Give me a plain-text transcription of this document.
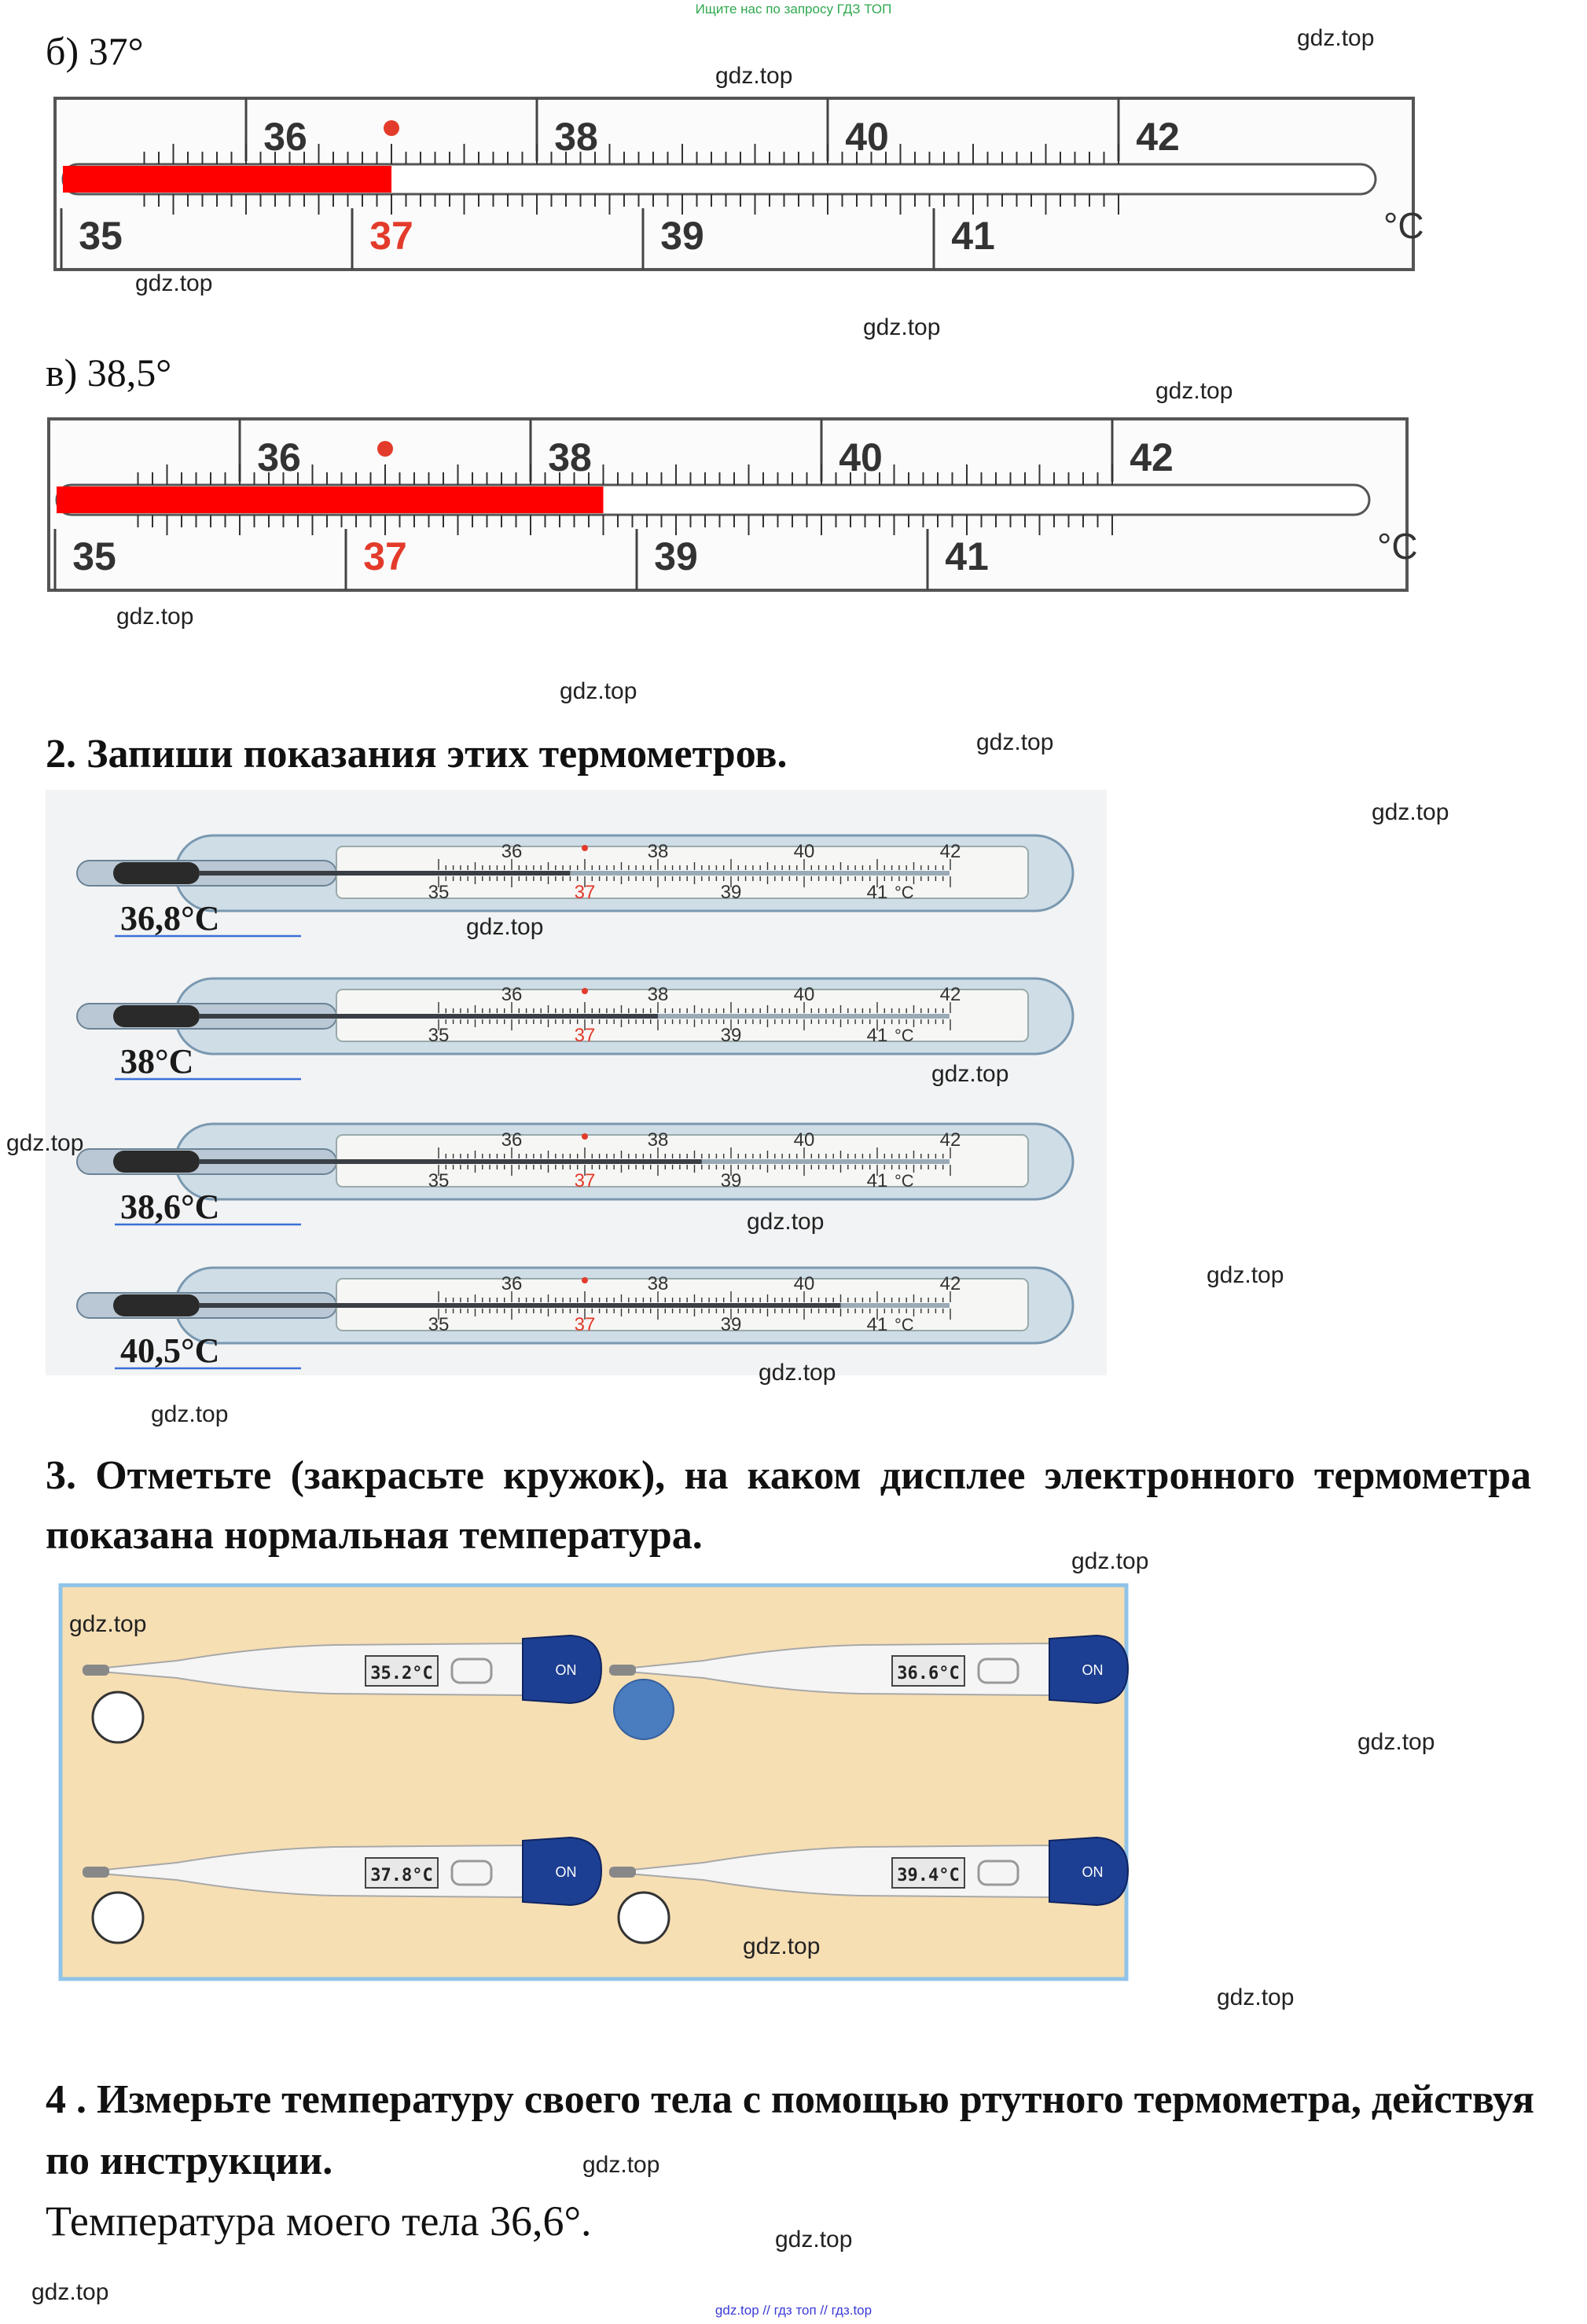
Ищите нас по запросу ГДЗ ТОП
б) 37°
36	38	40	42
35	37	39	41	°C
в) 38,5°
36	38	40	42
35	37	39	41	°C
2. Запиши показания этих термометров.
36	38	40	42
35	37	39	41 °C
36,8°С
36	38	40	42
35	37	39	41 °C
38°С
36	38	40	42
35	37	39	41 °C
38,6°С
36	38	40	42
35	37	39	41 °C
40,5°С
3. Отметьте (закрасьте кружок), на каком дисплее электронного термометра показана нормальная температура.
35.2°C	ON	36.6°C	ON
37.8°C	ON	39.4°C	ON
4 . Измерьте температуру своего тела с помощью ртутного термометра, действуя по инструкции.
Температура моего тела 36,6°.
gdz.top
gdz.top
gdz.top
gdz.top
gdz.top
gdz.top
gdz.top
gdz.top
gdz.top
gdz.top
gdz.top
gdz.top
gdz.top
gdz.top
gdz.top
gdz.top
gdz.top
gdz.top
gdz.top
gdz.top
gdz.top
gdz.top
gdz.top
gdz.top
gdz.top // гдз топ // гдз.top
